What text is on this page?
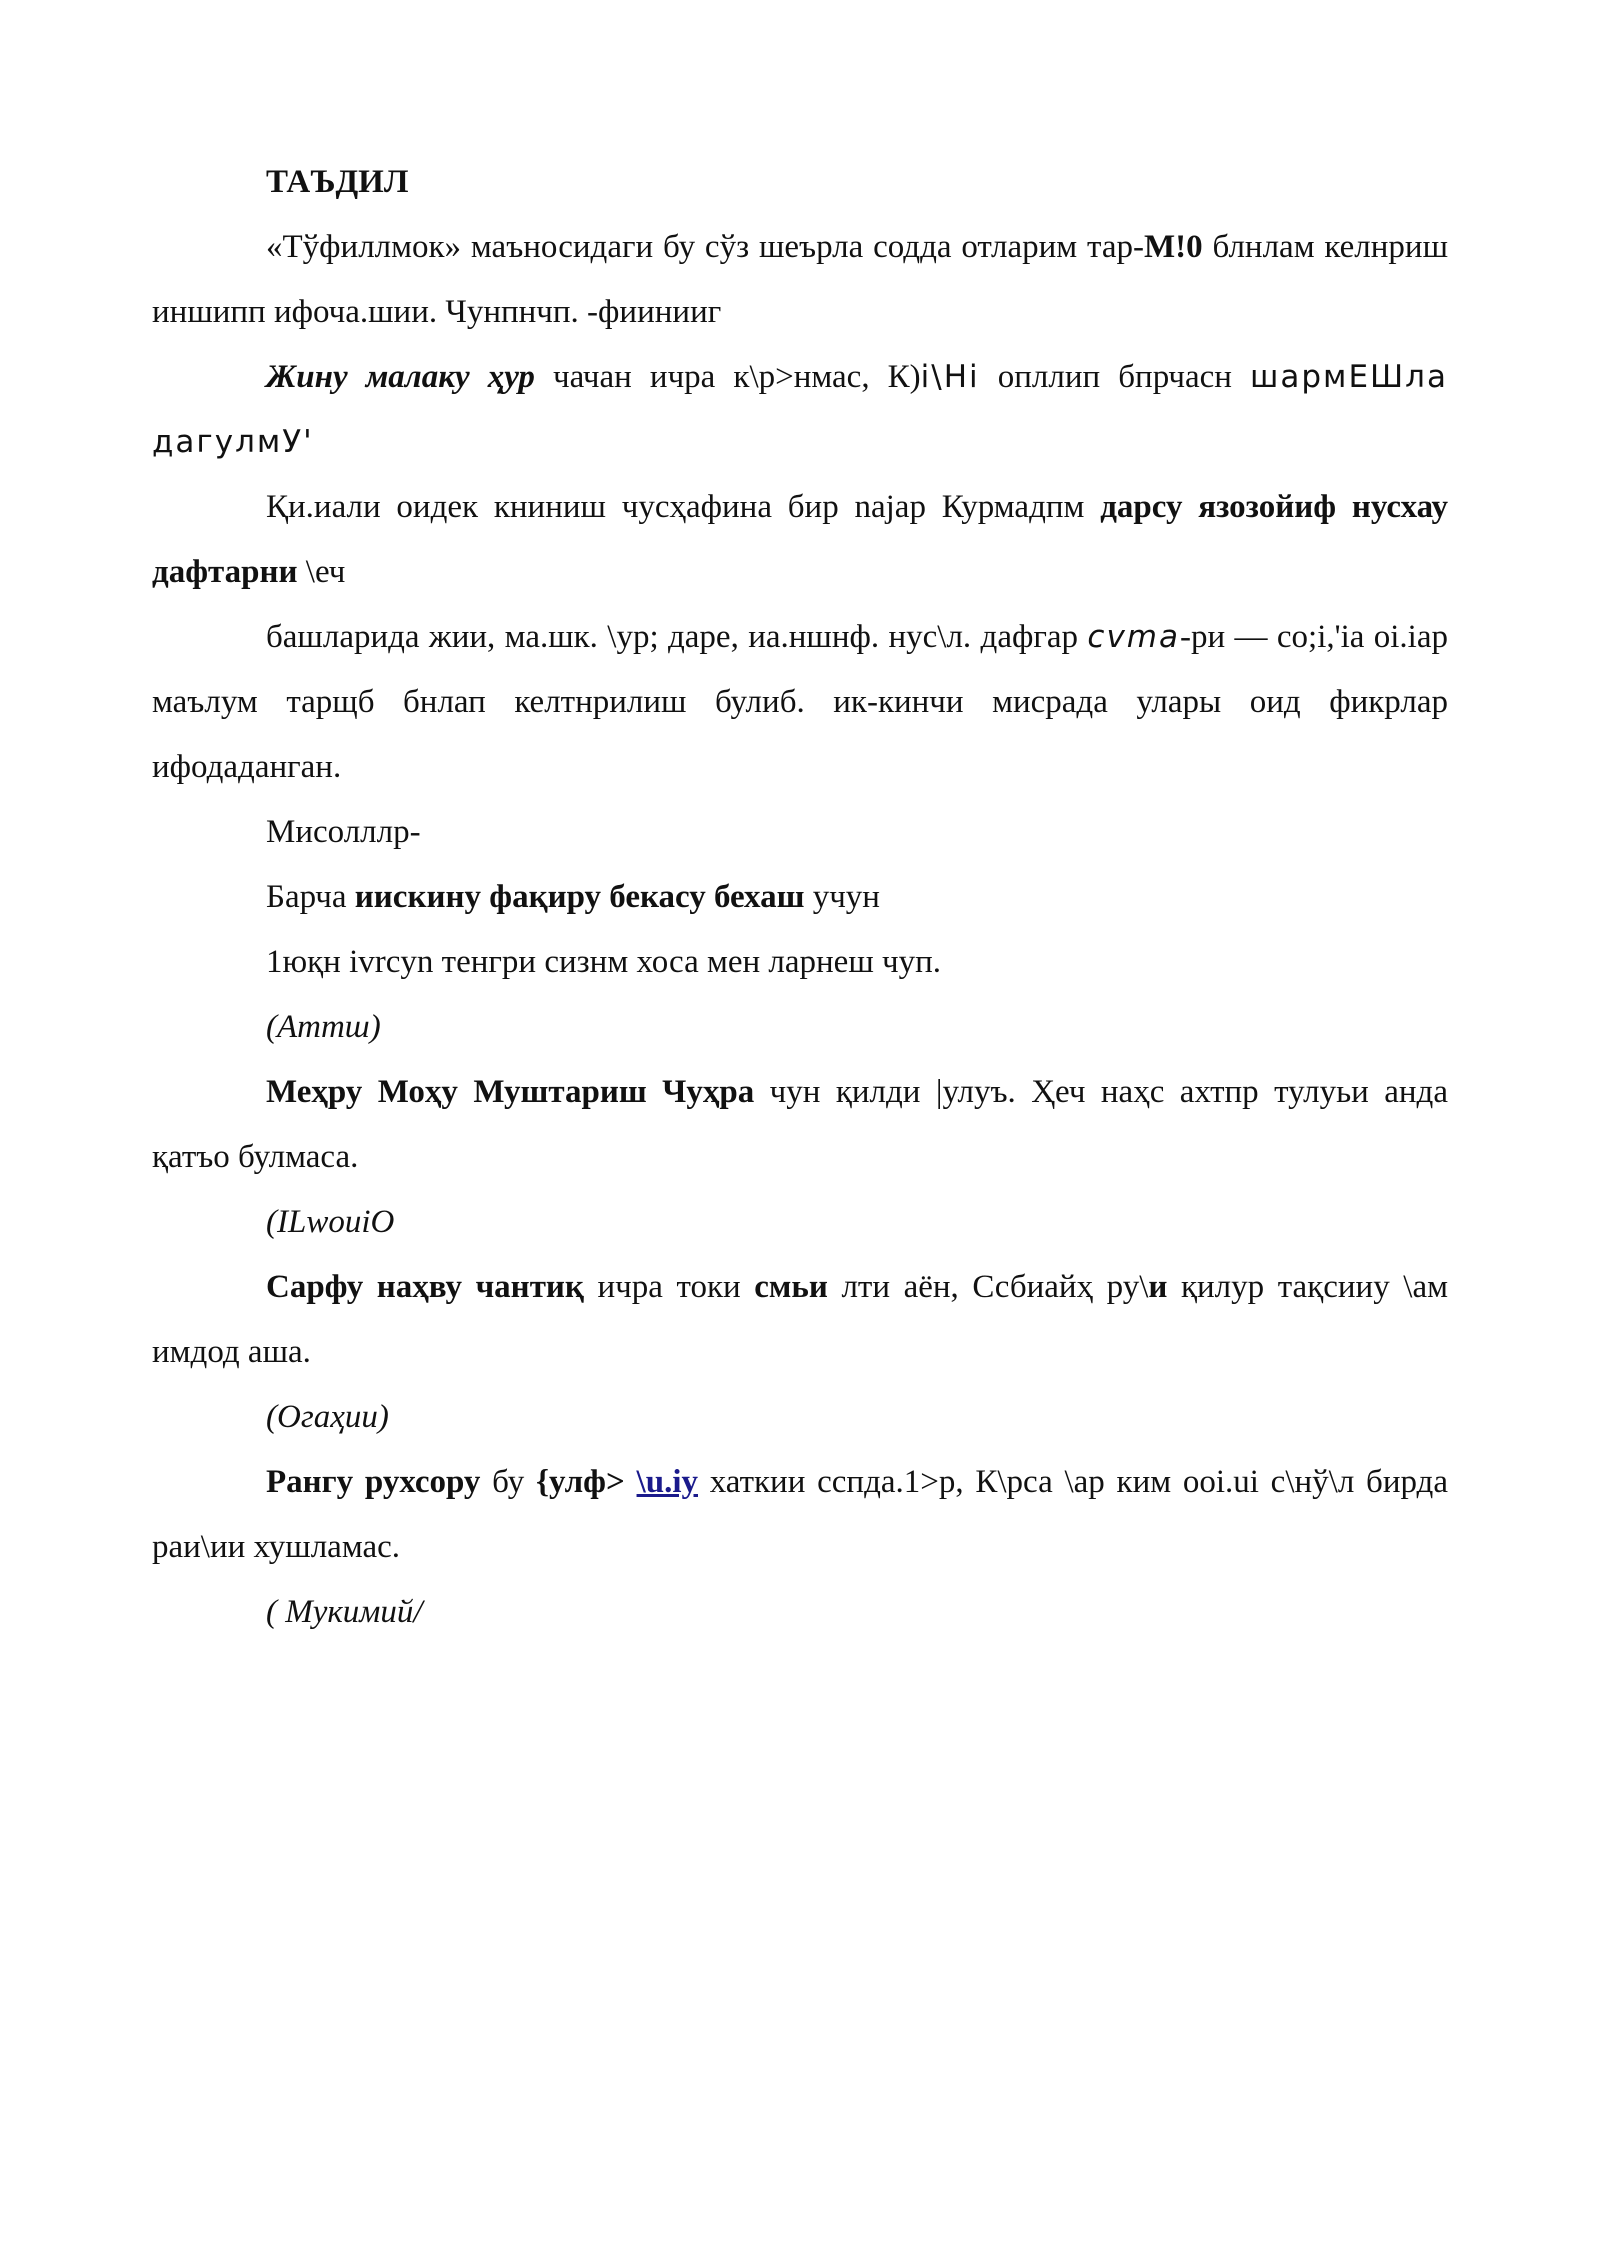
ТАЪДИЛ

«Тўфиллмок» маъносидаги бу сўз шеърла содда отларим тар-М!0 блнлам келнриш иншипп ифоча.шии. Чунпнчп. -фиинииг

Жину малаку ҳур чачан ичра к\р>нмас, К)i\Hi опллип бпрчасн шармЕШла дагулмУ'

Қи.иали оидек книниш чусҳафина бир naјар Курмадпм дарсу язозойиф нусхау дафтарни \еч

башларида жии, ма.шк. \ур; даре, иа.ншнф. нус\л. дафгар cvma-ри — co;i,'ia oi.iap маълум тарщб бнлап келтнрилиш булиб. ик-кинчи мисрада улары оид фикрлар ифодаданган.

Мисолллр-

Барча иискину фақиру бекасу бехаш учун

1юқн ivrcyn тенгри сизнм хоса мен ларнеш чуп.

(Аттш)

Меҳру Моҳу Муштариш Чуҳра чун қилди |улуъ. Ҳеч наҳс ахтпр тулуьи анда қатъо булмаса.

(ILwouiO

Сарфу наҳву чантиқ ичра токи смьи лти аён, Ссбиайҳ ру\и қилур тақсииу \ам имдод аша.

(Огаҳии)

Рангу рухсору бу {улф> \u.iy хаткии сспда.1>р, К\рса \ар ким ooi.ui с\нў\л бирда раи\ии хушламас.

( Мукимий/
